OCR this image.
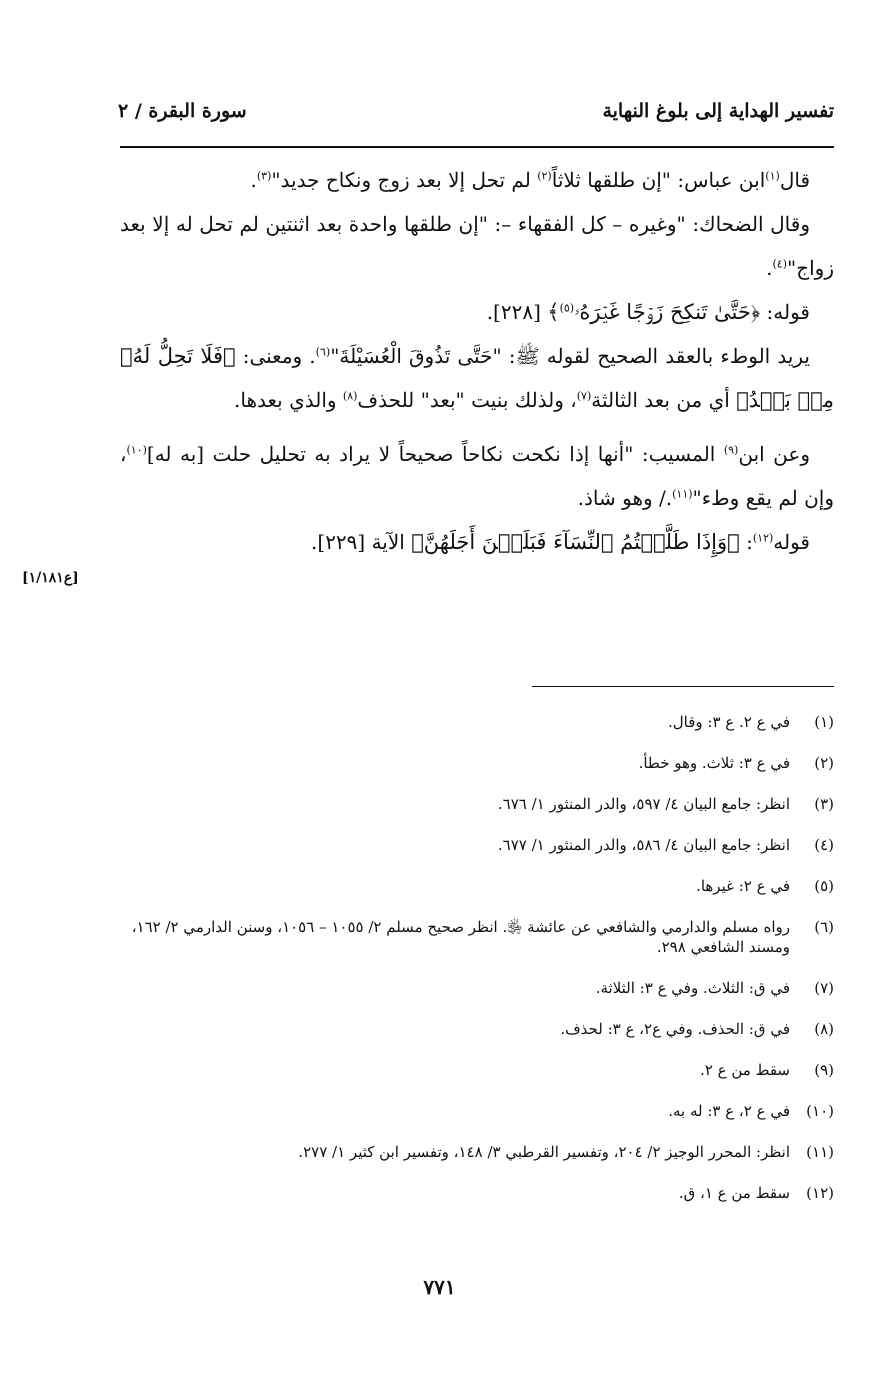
تفسير الهداية إلى بلوغ النهاية
سورة البقرة / ٢

قال$^{(١)}$ابن عباس: "إن طلقها ثلاثاً$^{(٢)}$ لم تحل إلا بعد زوج ونكاح جديد"$^{(٣)}$.

وقال الضحاك: "وغيره – كل الفقهاء –: "إن طلقها واحدة بعد اثنتين لم تحل له إلا بعد زواج"$^{(٤)}$.

قوله: ﴿حَتَّىٰ تَنكِحَ زَوۡجًا غَيۡرَهُۥ$^{(٥)}$﴾ [٢٢٨].

يريد الوطء بالعقد الصحيح لقوله ﷺ: "حَتَّى تَذُوقَ الْعُسَيْلَةَ"$^{(٦)}$. ومعنى: ﴿فَلَا تَحِلُّ لَهُۥ مِنۢ بَعۡدُ﴾ أي من بعد الثالثة$^{(٧)}$، ولذلك بنيت "بعد" للحذف$^{(٨)}$ والذي بعدها.

وعن ابن$^{(٩)}$ المسيب: "أنها إذا نكحت نكاحاً صحيحاً لا يراد به تحليل حلت [به له]$^{(١٠)}$، وإن لم يقع وطء"$^{(١١)}$./ وهو شاذ.

قوله$^{(١٢)}$: ﴿وَإِذَا طَلَّقۡتُمُ ٱلنِّسَآءَ فَبَلَغۡنَ أَجَلَهُنَّ﴾ الآية [٢٢٩].

[ع١/١٨١]
(١)
في ع ٢. ع ٣: وقال.
(٢)
في ع ٣: ثلاث. وهو خطأ.
(٣)
انظر: جامع البيان ٤/ ٥٩٧، والدر المنثور ١/ ٦٧٦.
(٤)
انظر: جامع البيان ٤/ ٥٨٦، والدر المنثور ١/ ٦٧٧.
(٥)
في ع ٢: غيرها.
(٦)
رواه مسلم والدارمي والشافعي عن عائشة ﵂. انظر صحيح مسلم ٢/ ١٠٥٥ – ١٠٥٦، وسنن الدارمي ٢/ ١٦٢، ومسند الشافعي ٢٩٨.
(٧)
في ق: الثلاث. وفي ع ٣: الثلاثة.
(٨)
في ق: الحذف. وفي ع٢، ع ٣: لحذف.
(٩)
سقط من ع ٢.
(١٠)
في ع ٢، ع ٣: له به.
(١١)
انظر: المحرر الوجيز ٢/ ٢٠٤، وتفسير القرطبي ٣/ ١٤٨، وتفسير ابن كثير ١/ ٢٧٧.
(١٢)
سقط من ع ١، ق.
٧٧١
